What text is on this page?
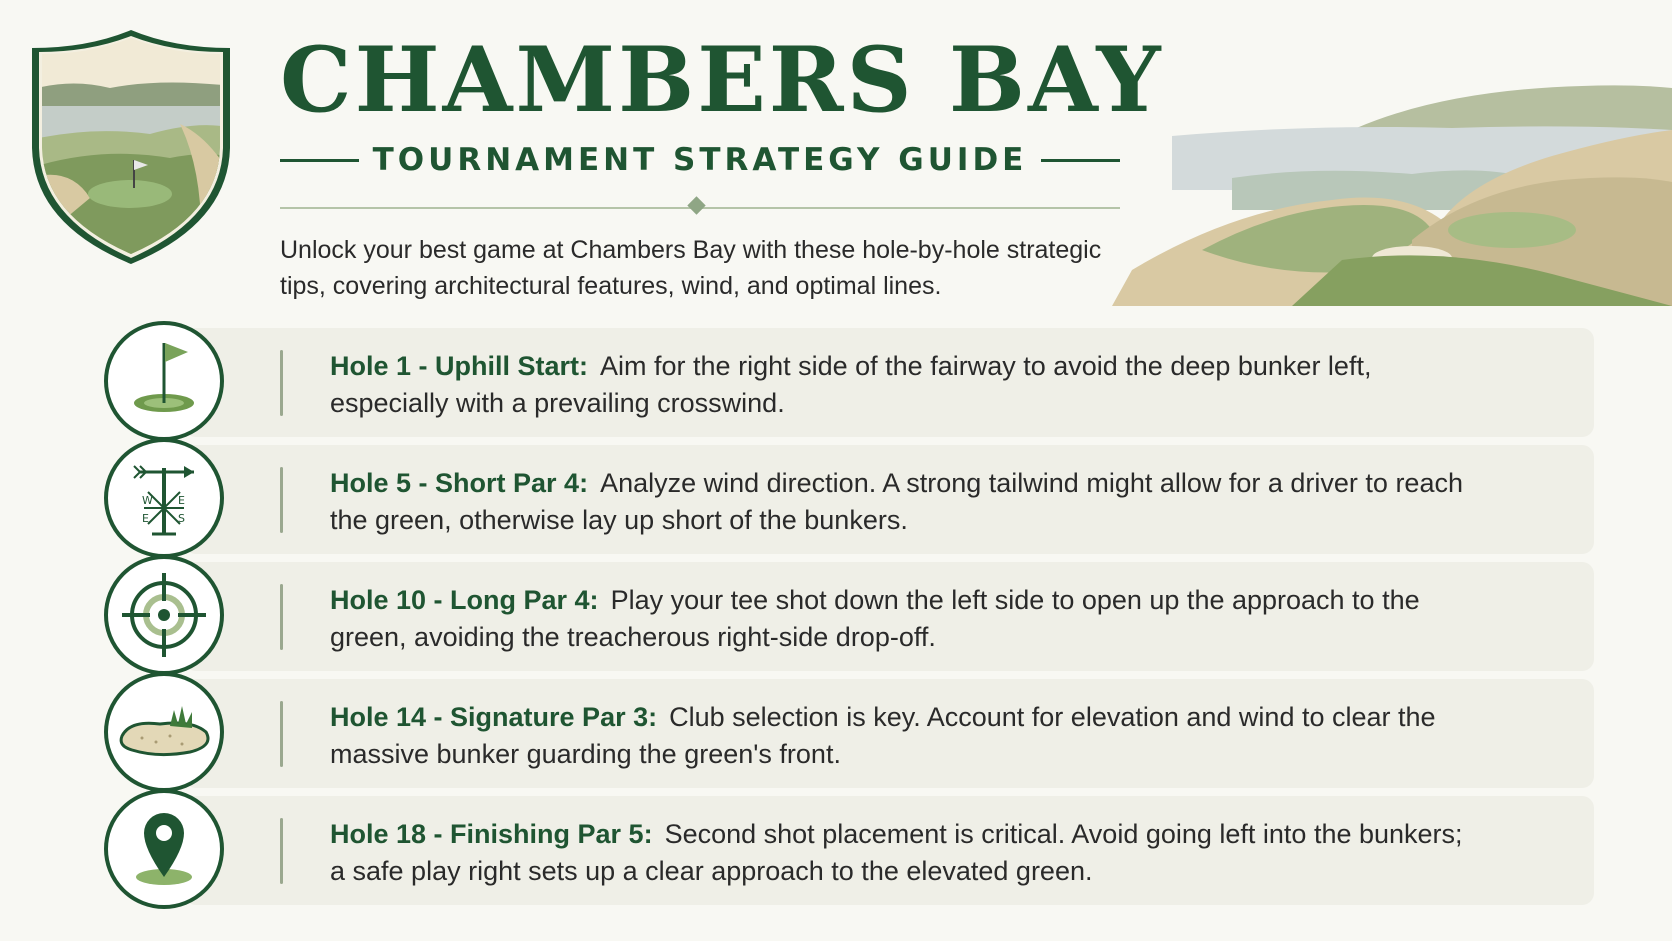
CHAMBERS BAY
TOURNAMENT STRATEGY GUIDE
Unlock your best game at Chambers Bay with these hole-by-hole strategic tips, covering architectural features, wind, and optimal lines.
Hole 1 - Uphill Start: Aim for the right side of the fairway to avoid the deep bunker left, especially with a prevailing crosswind.
W E
E	S
Hole 5 - Short Par 4: Analyze wind direction. A strong tailwind might allow for a driver to reach the green, otherwise lay up short of the bunkers.
Hole 10 - Long Par 4: Play your tee shot down the left side to open up the approach to the green, avoiding the treacherous right-side drop-off.
Hole 14 - Signature Par 3: Club selection is key. Account for elevation and wind to clear the massive bunker guarding the green's front.
Hole 18 - Finishing Par 5: Second shot placement is critical. Avoid going left into the bunkers; a safe play right sets up a clear approach to the elevated green.
